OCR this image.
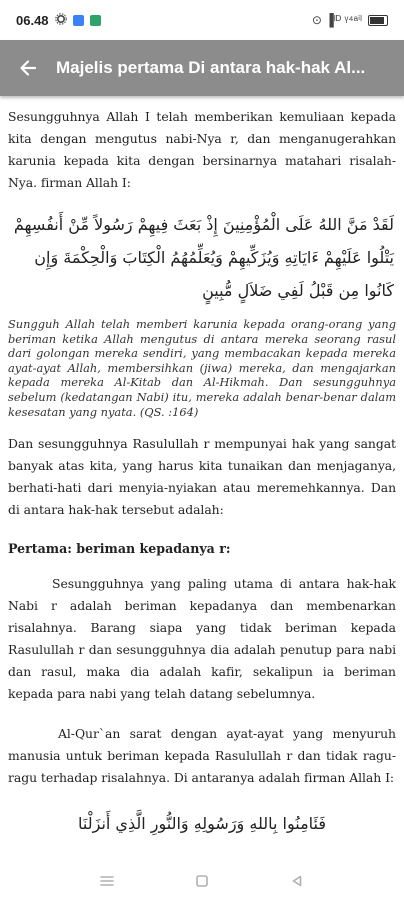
06.48	⊙ ▐ᴵᴰ ᵞ⁴ᵃⁱˡ
Majelis pertama Di antara hak-hak Al...

Sesungguhnya Allah I telah memberikan kemuliaan kepada kita dengan mengutus nabi-Nya r, dan menganugerahkan karunia kepada kita dengan bersinarnya matahari risalah-Nya. firman Allah I:

لَقَدْ مَنَّ اللهُ عَلَى الْمُؤْمِنِينَ إِذْ بَعَثَ فِيهِمْ رَسُولاً مِّنْ أَنفُسِهِمْ يَتْلُوا عَلَيْهِمْ ءَايَاتِهِ وَيُزَكِّيهِمْ وَيُعَلِّمُهُمُ الْكِتَابَ وَالْحِكْمَةَ وَإِن كَانُوا مِن قَبْلُ لَفِي ضَلاَلٍ مُّبِينٍ

Sungguh Allah telah memberi karunia kepada orang-orang yang beriman ketika Allah mengutus di antara mereka seorang rasul dari golongan mereka sendiri, yang membacakan kepada mereka ayat-ayat Allah, membersihkan (jiwa) mereka, dan mengajarkan kepada mereka Al-Kitab dan Al-Hikmah. Dan sesungguhnya sebelum (kedatangan Nabi) itu, mereka adalah benar-benar dalam kesesatan yang nyata. (QS. :164)

Dan sesungguhnya Rasulullah r mempunyai hak yang sangat banyak atas kita, yang harus kita tunaikan dan menjaganya, berhati-hati dari menyia-nyiakan atau meremehkannya. Dan di antara hak-hak tersebut adalah:

Pertama: beriman kepadanya r:

Sesungguhnya yang paling utama di antara hak-hak Nabi r adalah beriman kepadanya dan membenarkan risalahnya. Barang siapa yang tidak beriman kepada Rasulullah r dan sesungguhnya dia adalah penutup para nabi dan rasul, maka dia adalah kafir, sekalipun ia beriman kepada para nabi yang telah datang sebelumnya.

Al-Qur`an sarat dengan ayat-ayat yang menyuruh manusia untuk beriman kepada Rasulullah r dan tidak ragu-ragu terhadap risalahnya. Di antaranya adalah firman Allah I:

فَئَامِنُوا بِاللهِ وَرَسُولِهِ وَالنُّورِ الَّذِي أَنزَلْنَا
